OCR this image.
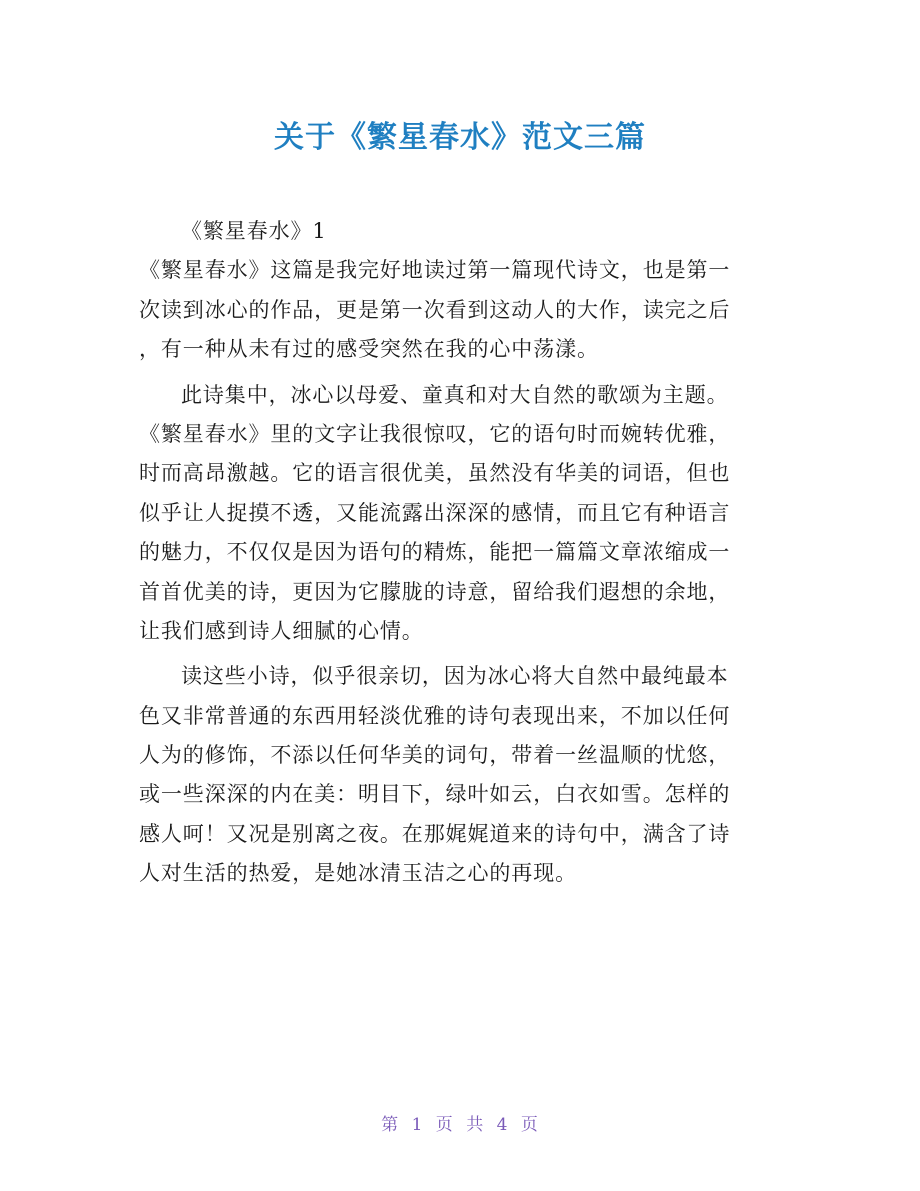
关于《繁星春水》范文三篇
《繁星春水》1
《繁星春水》这篇是我完好地读过第一篇现代诗文，也是第一
次读到冰心的作品，更是第一次看到这动人的大作，读完之后
，有一种从未有过的感受突然在我的心中荡漾。
此诗集中，冰心以母爱、童真和对大自然的歌颂为主题。
《繁星春水》里的文字让我很惊叹，它的语句时而婉转优雅，
时而高昂激越。它的语言很优美，虽然没有华美的词语，但也
似乎让人捉摸不透，又能流露出深深的感情，而且它有种语言
的魅力，不仅仅是因为语句的精炼，能把一篇篇文章浓缩成一
首首优美的诗，更因为它朦胧的诗意，留给我们遐想的余地，
让我们感到诗人细腻的心情。
读这些小诗，似乎很亲切，因为冰心将大自然中最纯最本
色又非常普通的东西用轻淡优雅的诗句表现出来，不加以任何
人为的修饰，不添以任何华美的词句，带着一丝温顺的忧悠，
或一些深深的内在美：明目下，绿叶如云，白衣如雪。怎样的
感人呵！又况是别离之夜。在那娓娓道来的诗句中，满含了诗
人对生活的热爱，是她冰清玉洁之心的再现。
第 1 页 共 4 页
